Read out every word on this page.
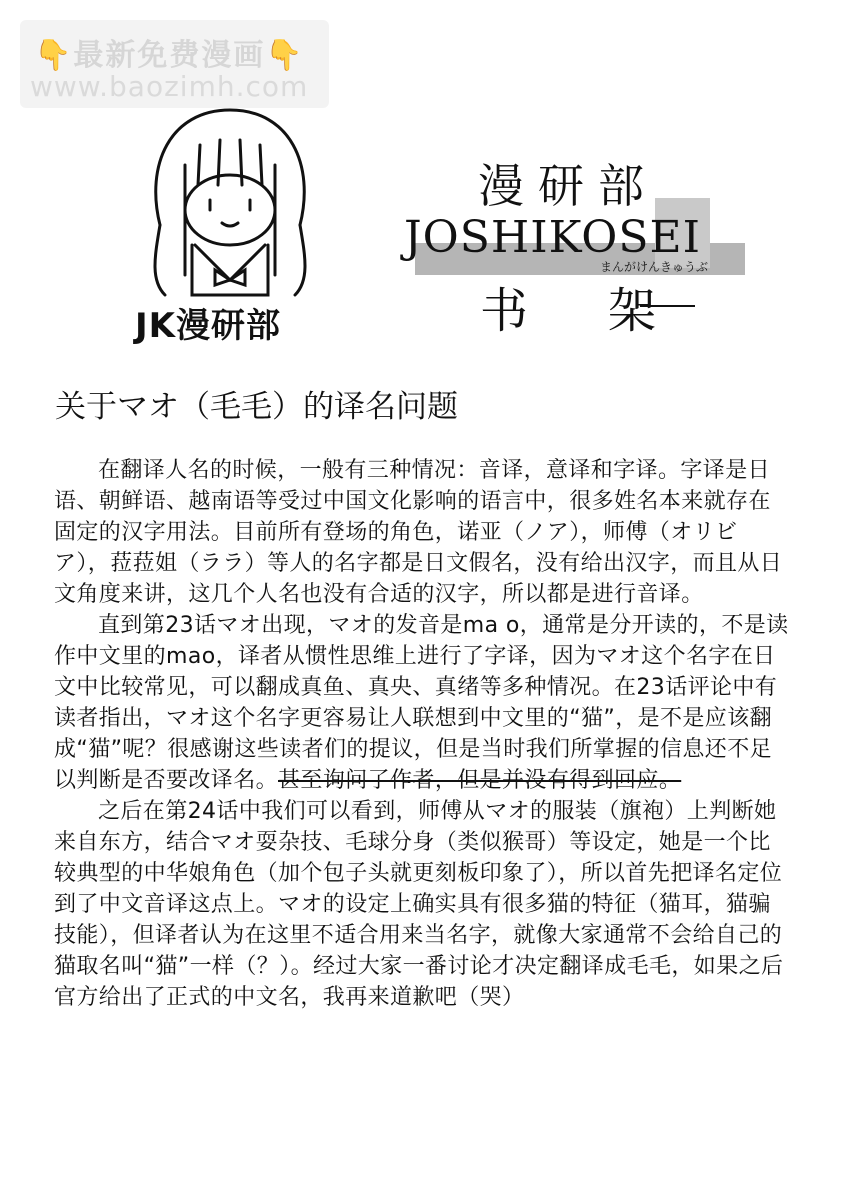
👇最新免费漫画👇
www.baozimh.com
JK漫研部
漫研部
JOSHIKOSEI
まんがけんきゅうぶ
书架
关于マオ（毛毛）的译名问题

在翻译人名的时候，一般有三种情况：音译，意译和字译。字译是日语、朝鲜语、越南语等受过中国文化影响的语言中，很多姓名本来就存在固定的汉字用法。目前所有登场的角色，诺亚（ノア），师傅（オリビア），菈菈姐（ララ）等人的名字都是日文假名，没有给出汉字，而且从日文角度来讲，这几个人名也没有合适的汉字，所以都是进行音译。

直到第23话マオ出现，マオ的发音是ma o，通常是分开读的，不是读作中文里的mao，译者从惯性思维上进行了字译，因为マオ这个名字在日文中比较常见，可以翻成真鱼、真央、真绪等多种情况。在23话评论中有读者指出，マオ这个名字更容易让人联想到中文里的“猫”，是不是应该翻成“猫”呢？很感谢这些读者们的提议，但是当时我们所掌握的信息还不足以判断是否要改译名。甚至询问了作者，但是并没有得到回应。

之后在第24话中我们可以看到，师傅从マオ的服装（旗袍）上判断她来自东方，结合マオ耍杂技、毛球分身（类似猴哥）等设定，她是一个比较典型的中华娘角色（加个包子头就更刻板印象了），所以首先把译名定位到了中文音译这点上。マオ的设定上确实具有很多猫的特征（猫耳，猫骗技能），但译者认为在这里不适合用来当名字，就像大家通常不会给自己的猫取名叫“猫”一样（？）。经过大家一番讨论才决定翻译成毛毛，如果之后官方给出了正式的中文名，我再来道歉吧（哭）
